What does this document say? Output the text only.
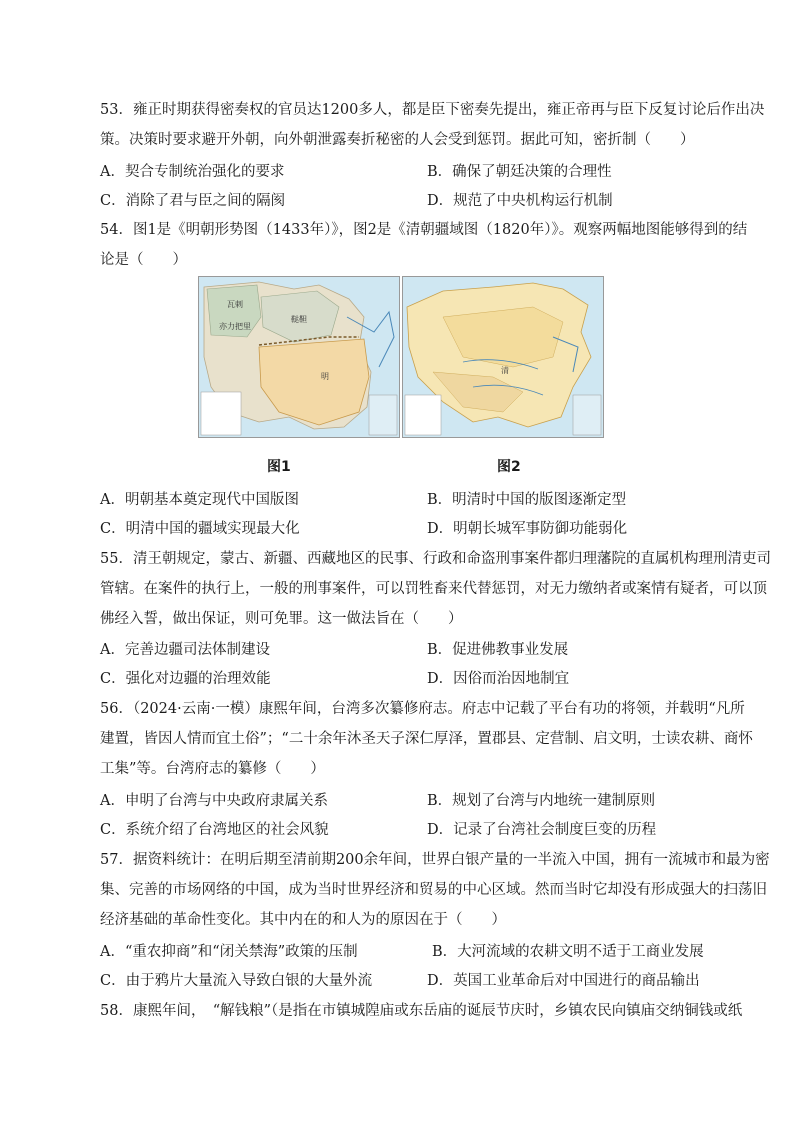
53．雍正时期获得密奏权的官员达1200多人，都是臣下密奏先提出，雍正帝再与臣下反复讨论后作出决
策。决策时要求避开外朝，向外朝泄露奏折秘密的人会受到惩罚。据此可知，密折制（　　）
A．契合专制统治强化的要求	B．确保了朝廷决策的合理性
C．消除了君与臣之间的隔阂	D．规范了中央机构运行机制
54．图1是《明朝形势图（1433年）》，图2是《清朝疆域图（1820年）》。观察两幅地图能够得到的结
论是（　　）
瓦剌
鞑靼
亦力把里
明
清
图1	图2
A．明朝基本奠定现代中国版图	B．明清时中国的版图逐渐定型
C．明清中国的疆域实现最大化	D．明朝长城军事防御功能弱化
55．清王朝规定，蒙古、新疆、西藏地区的民事、行政和命盗刑事案件都归理藩院的直属机构理刑清吏司
管辖。在案件的执行上，一般的刑事案件，可以罚牲畜来代替惩罚，对无力缴纳者或案情有疑者，可以顶
佛经入誓，做出保证，则可免罪。这一做法旨在（　　）
A．完善边疆司法体制建设	B．促进佛教事业发展
C．强化对边疆的治理效能	D．因俗而治因地制宜
56．（2024·云南·一模）康熙年间，台湾多次纂修府志。府志中记载了平台有功的将领，并载明“凡所
建置，皆因人情而宜土俗”；“二十余年沐圣天子深仁厚泽，置郡县、定营制、启文明，士读农耕、商怀
工集”等。台湾府志的纂修（　　）
A．申明了台湾与中央政府隶属关系	B．规划了台湾与内地统一建制原则
C．系统介绍了台湾地区的社会风貌	D．记录了台湾社会制度巨变的历程
57．据资料统计：在明后期至清前期200余年间，世界白银产量的一半流入中国，拥有一流城市和最为密
集、完善的市场网络的中国，成为当时世界经济和贸易的中心区域。然而当时它却没有形成强大的扫荡旧
经济基础的革命性变化。其中内在的和人为的原因在于（　　）
A．“重农抑商”和“闭关禁海”政策的压制	B．大河流域的农耕文明不适于工商业发展
C．由于鸦片大量流入导致白银的大量外流	D．英国工业革命后对中国进行的商品输出
58．康熙年间，　“解钱粮”（是指在市镇城隍庙或东岳庙的诞辰节庆时，乡镇农民向镇庙交纳铜钱或纸
